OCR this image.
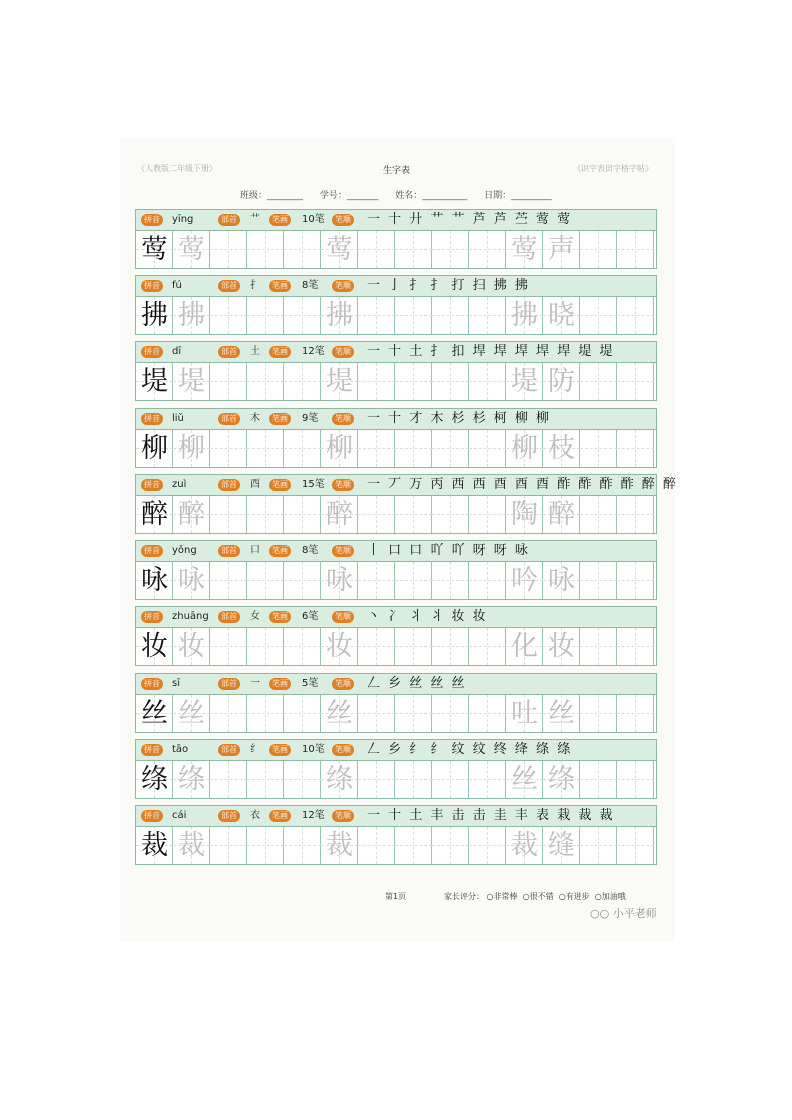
《人教版二年级下册》	生字表	《识字表田字格字帖》
班级：________ 学号：_______ 姓名：__________ 日期：_________
拼音	yīng	部首	艹	笔画	10笔	笔顺 一 十 廾 艹 艹 芦 芦 苎 莺 莺
莺 莺	莺	莺 声
拼音	fú	部首	扌	笔画	8笔	笔顺 一 亅 扌 扌 打 扫 拂 拂
拂 拂	拂	拂 晓
拼音	dī	部首	土	笔画	12笔	笔顺 一 十 土 扌 扣 垾 垾 垾 垾 垾 堤 堤
堤 堤	堤	堤 防
拼音	liǔ	部首	木	笔画	9笔	笔顺 一 十 才 木 杉 杉 柯 柳 柳
柳 柳	柳	柳 枝
拼音	zuì	部首	酉	笔画	15笔	笔顺 一 丆 万 丙 西 西 酉 酉 酉 酢 酢 酢 酢 醉 醉
醉 醉	醉	陶 醉
拼音	yǒng	部首	口	笔画	8笔	笔顺 丨 口 口 吖 吖 呀 呀 咏
咏 咏	咏	吟 咏
拼音	zhuāng	部首	女	笔画	6笔	笔顺 丶 冫 丬 丬 妆 妆
妆 妆	妆	化 妆
拼音	sī	部首	一	笔画	5笔	笔顺 𠃋 乡 丝 丝 丝
丝 丝	丝	吐 丝
拼音	tāo	部首	纟	笔画	10笔	笔顺 𠃋 乡 纟 纟 纹 纹 终 绛 绦 绦
绦 绦	绦	丝 绦
拼音	cái	部首	衣	笔画	12笔	笔顺 一 十 土 丰 击 击 圭 丰 表 栽 裁 裁
裁 裁	裁	裁 缝
第1页	家长评分： ○非常棒 ○很不错 ○有进步 ○加油哦
○○ 小平老师
